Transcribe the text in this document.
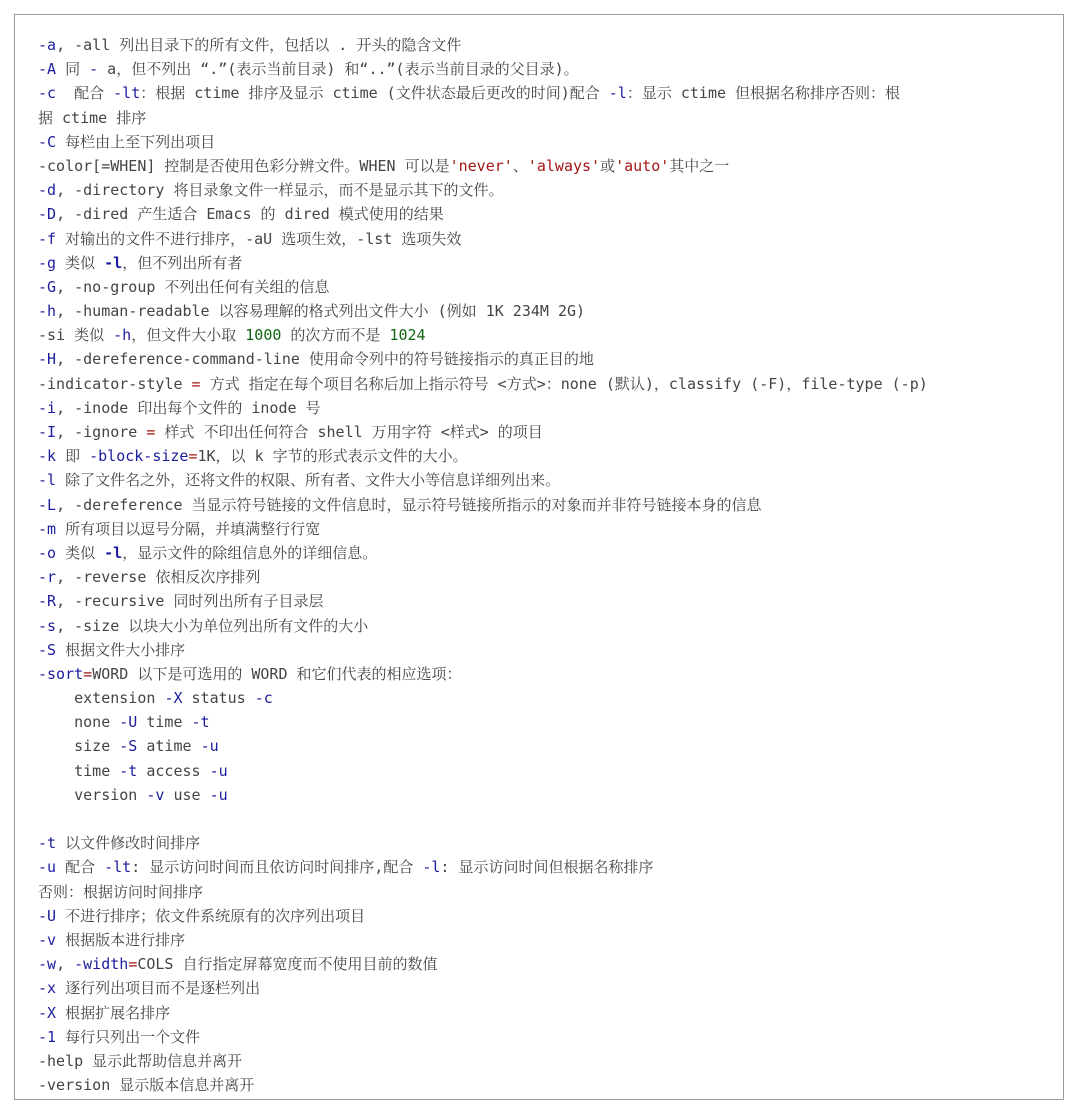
-a, -all 列出目录下的所有文件，包括以 . 开头的隐含文件
-A 同 - a，但不列出 “.”(表示当前目录) 和“..”(表示当前目录的父目录)。
-c  配合 -lt：根据 ctime 排序及显示 ctime (文件状态最后更改的时间)配合 -l：显示 ctime 但根据名称排序否则：根
据 ctime 排序
-C 每栏由上至下列出项目
-color[=WHEN] 控制是否使用色彩分辨文件。WHEN 可以是'never'、'always'或'auto'其中之一
-d, -directory 将目录象文件一样显示，而不是显示其下的文件。
-D, -dired 产生适合 Emacs 的 dired 模式使用的结果
-f 对输出的文件不进行排序，-aU 选项生效，-lst 选项失效
-g 类似 -l，但不列出所有者
-G, -no-group 不列出任何有关组的信息
-h, -human-readable 以容易理解的格式列出文件大小 (例如 1K 234M 2G)
-si 类似 -h，但文件大小取 1000 的次方而不是 1024
-H, -dereference-command-line 使用命令列中的符号链接指示的真正目的地
-indicator-style = 方式 指定在每个项目名称后加上指示符号 <方式>：none (默认)，classify (-F)，file-type (-p)
-i, -inode 印出每个文件的 inode 号
-I, -ignore = 样式 不印出任何符合 shell 万用字符 <样式> 的项目
-k 即 -block-size=1K，以 k 字节的形式表示文件的大小。
-l 除了文件名之外，还将文件的权限、所有者、文件大小等信息详细列出来。
-L, -dereference 当显示符号链接的文件信息时，显示符号链接所指示的对象而并非符号链接本身的信息
-m 所有项目以逗号分隔，并填满整行行宽
-o 类似 -l，显示文件的除组信息外的详细信息。
-r, -reverse 依相反次序排列
-R, -recursive 同时列出所有子目录层
-s, -size 以块大小为单位列出所有文件的大小
-S 根据文件大小排序
-sort=WORD 以下是可选用的 WORD 和它们代表的相应选项：
extension -X status -c
none -U time -t
size -S atime -u
time -t access -u
version -v use -u
-t 以文件修改时间排序
-u 配合 -lt: 显示访问时间而且依访问时间排序,配合 -l: 显示访问时间但根据名称排序
否则：根据访问时间排序
-U 不进行排序；依文件系统原有的次序列出项目
-v 根据版本进行排序
-w, -width=COLS 自行指定屏幕宽度而不使用目前的数值
-x 逐行列出项目而不是逐栏列出
-X 根据扩展名排序
-1 每行只列出一个文件
-help 显示此帮助信息并离开
-version 显示版本信息并离开
